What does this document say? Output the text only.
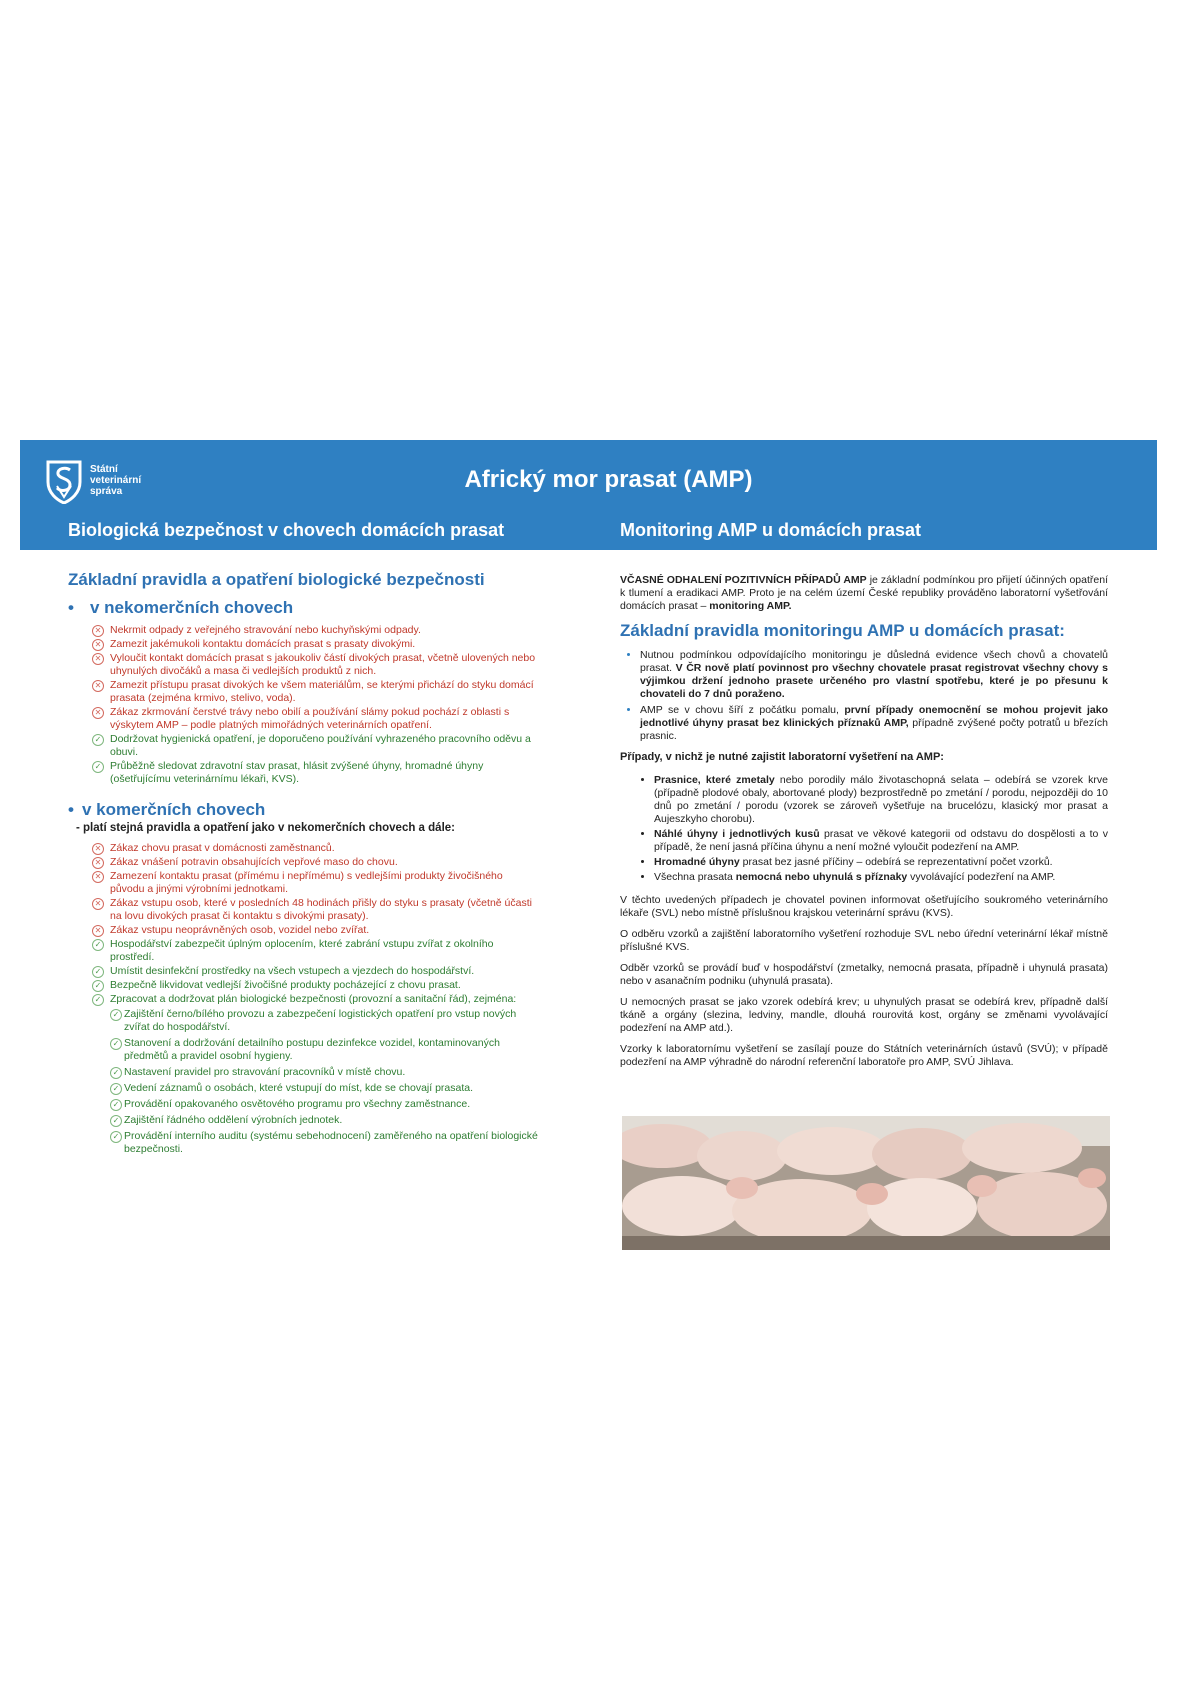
Státní
veterinární
správa	Africký mor prasat (AMP)
Biologická bezpečnost v chovech domácích prasat	Monitoring AMP u domácích prasat
Základní pravidla a opatření biologické bezpečnosti
• v nekomerčních chovech
✕ Nekrmit odpady z veřejného stravování nebo kuchyňskými odpady.
✕ Zamezit jakémukoli kontaktu domácích prasat s prasaty divokými.
✕ Vyloučit kontakt domácích prasat s jakoukoliv částí divokých prasat, včetně ulovených nebo uhynulých divočáků a masa či vedlejších produktů z nich.
✕ Zamezit přístupu prasat divokých ke všem materiálům, se kterými přichází do styku domácí prasata (zejména krmivo, stelivo, voda).
✕ Zákaz zkrmování čerstvé trávy nebo obilí a používání slámy pokud pochází z oblasti s výskytem AMP – podle platných mimořádných veterinárních opatření.
✓ Dodržovat hygienická opatření, je doporučeno používání vyhrazeného pracovního oděvu a obuvi.
✓ Průběžně sledovat zdravotní stav prasat, hlásit zvýšené úhyny, hromadné úhyny (ošetřujícímu veterinárnímu lékaři, KVS).
• v komerčních chovech
- platí stejná pravidla a opatření jako v nekomerčních chovech a dále:
✕ Zákaz chovu prasat v domácnosti zaměstnanců.
✕ Zákaz vnášení potravin obsahujících vepřové maso do chovu.
✕ Zamezení kontaktu prasat (přímému i nepřímému) s vedlejšími produkty živočišného původu a jinými výrobními jednotkami.
✕ Zákaz vstupu osob, které v posledních 48 hodinách přišly do styku s prasaty (včetně účasti na lovu divokých prasat či kontaktu s divokými prasaty).
✕ Zákaz vstupu neoprávněných osob, vozidel nebo zvířat.
✓ Hospodářství zabezpečit úplným oplocením, které zabrání vstupu zvířat z okolního prostředí.
✓ Umístit desinfekční prostředky na všech vstupech a vjezdech do hospodářství.
✓ Bezpečně likvidovat vedlejší živočišné produkty pocházející z chovu prasat.
✓ Zpracovat a dodržovat plán biologické bezpečnosti (provozní a sanitační řád), zejména:
✓ Zajištění černo/bílého provozu a zabezpečení logistických opatření pro vstup nových zvířat do hospodářství.
✓ Stanovení a dodržování detailního postupu dezinfekce vozidel, kontaminovaných předmětů a pravidel osobní hygieny.
✓ Nastavení pravidel pro stravování pracovníků v místě chovu.
✓ Vedení záznamů o osobách, které vstupují do míst, kde se chovají prasata.
✓ Provádění opakovaného osvětového programu pro všechny zaměstnance.
✓ Zajištění řádného oddělení výrobních jednotek.
✓ Provádění interního auditu (systému sebehodnocení) zaměřeného na opatření biologické bezpečnosti.

VČASNÉ ODHALENÍ POZITIVNÍCH PŘÍPADŮ AMP je základní podmínkou pro přijetí účinných opatření k tlumení a eradikaci AMP. Proto je na celém území České republiky prováděno laboratorní vyšetřování domácích prasat – monitoring AMP.

Základní pravidla monitoringu AMP u domácích prasat:
• Nutnou podmínkou odpovídajícího monitoringu je důsledná evidence všech chovů a chovatelů prasat. V ČR nově platí povinnost pro všechny chovatele prasat registrovat všechny chovy s výjimkou držení jednoho prasete určeného pro vlastní spotřebu, které je po přesunu k chovateli do 7 dnů poraženo.
• AMP se v chovu šíří z počátku pomalu, první případy onemocnění se mohou projevit jako jednotlivé úhyny prasat bez klinických příznaků AMP, případně zvýšené počty potratů u březích prasnic.

Případy, v nichž je nutné zajistit laboratorní vyšetření na AMP:

• Prasnice, které zmetaly nebo porodily málo životaschopná selata – odebírá se vzorek krve (případně plodové obaly, abortované plody) bezprostředně po zmetání / porodu, nejpozději do 10 dnů po zmetání / porodu (vzorek se zároveň vyšetřuje na brucelózu, klasický mor prasat a Aujeszkyho chorobu).
• Náhlé úhyny i jednotlivých kusů prasat ve věkové kategorii od odstavu do dospělosti a to v případě, že není jasná příčina úhynu a není možné vyloučit podezření na AMP.
• Hromadné úhyny prasat bez jasné příčiny – odebírá se reprezentativní počet vzorků.
• Všechna prasata nemocná nebo uhynulá s příznaky vyvolávající podezření na AMP.

V těchto uvedených případech je chovatel povinen informovat ošetřujícího soukromého veterinárního lékaře (SVL) nebo místně příslušnou krajskou veterinární správu (KVS).

O odběru vzorků a zajištění laboratorního vyšetření rozhoduje SVL nebo úřední veterinární lékař místně příslušné KVS.

Odběr vzorků se provádí buď v hospodářství (zmetalky, nemocná prasata, případně i uhynulá prasata) nebo v asanačním podniku (uhynulá prasata).

U nemocných prasat se jako vzorek odebírá krev; u uhynulých prasat se odebírá krev, případně další tkáně a orgány (slezina, ledviny, mandle, dlouhá rourovitá kost, orgány se změnami vyvolávající podezření na AMP atd.).

Vzorky k laboratornímu vyšetření se zasílají pouze do Státních veterinárních ústavů (SVÚ); v případě podezření na AMP výhradně do národní referenční laboratoře pro AMP, SVÚ Jihlava.
